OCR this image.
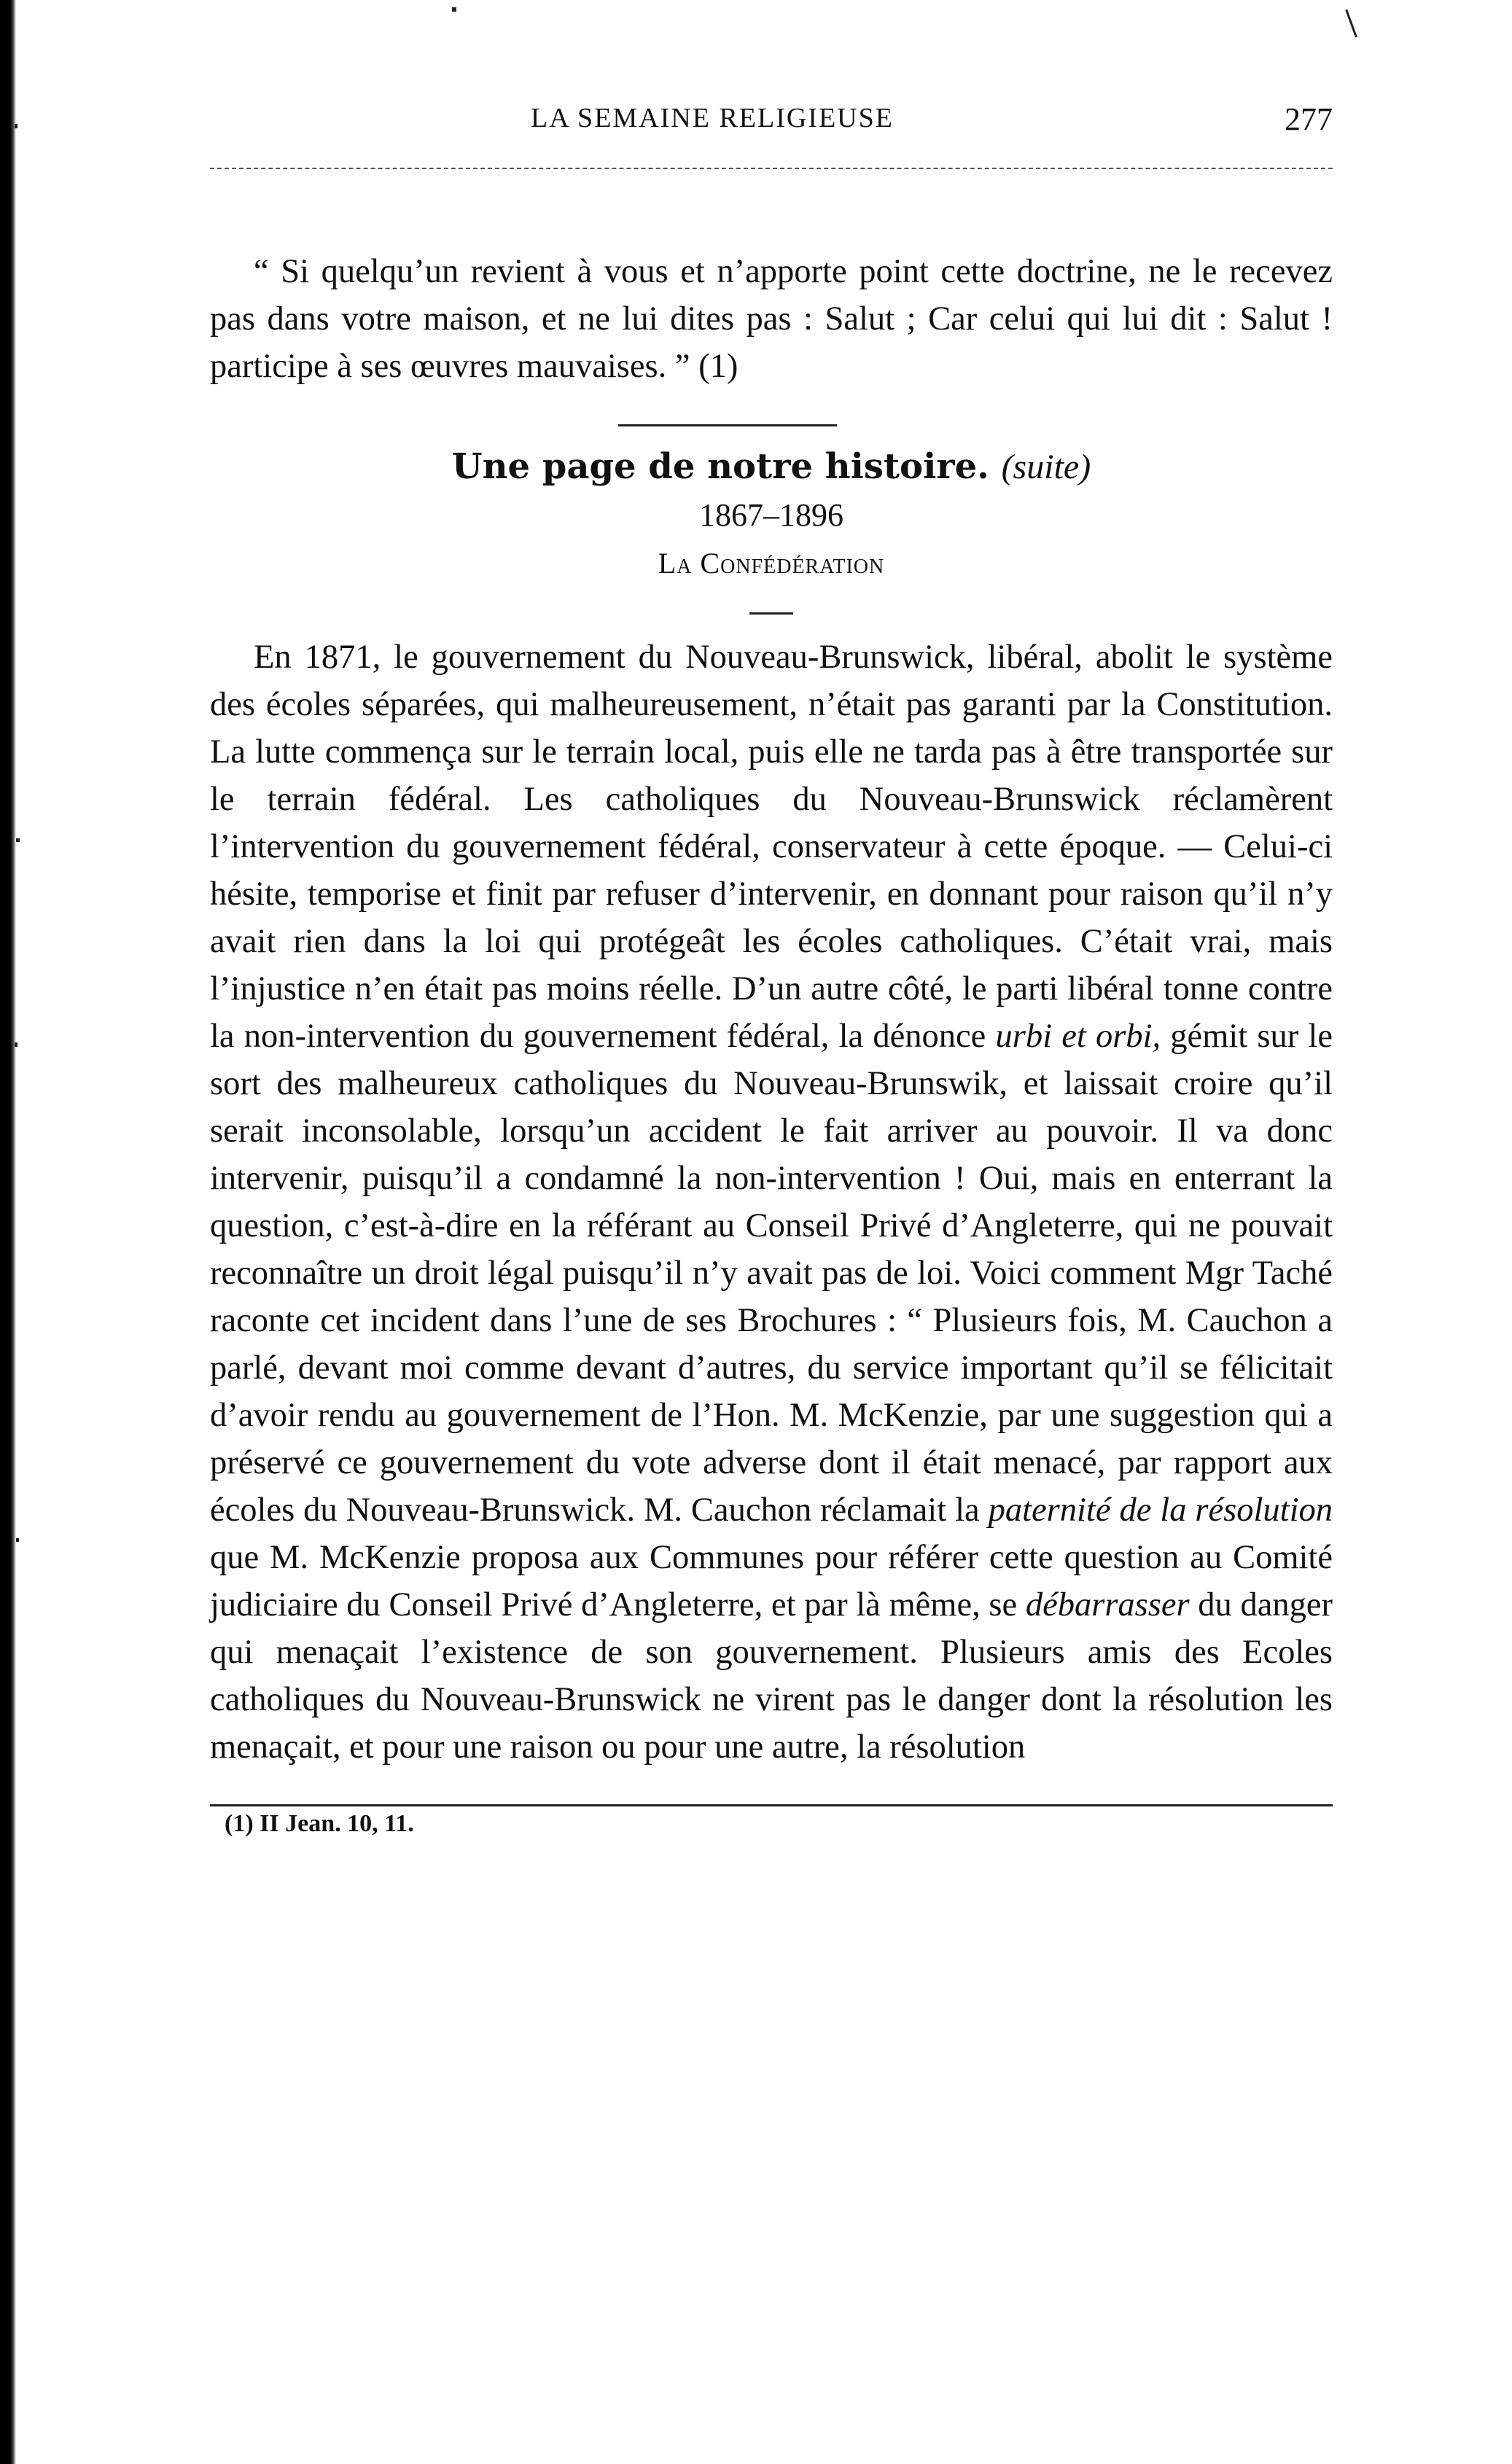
LA SEMAINE RELIGIEUSE	277

“ Si quelqu’un revient à vous et n’apporte point cette doctrine, ne le recevez pas dans votre maison, et ne lui dites pas : Salut ; Car celui qui lui dit : Salut ! participe à ses œuvres mauvaises. ” (1)

Une page de notre histoire. (suite)
1867–1896
La Confédération

En 1871, le gouvernement du Nouveau-Brunswick, libéral, abolit le système des écoles séparées, qui malheureusement, n’était pas garanti par la Constitution. La lutte commença sur le terrain local, puis elle ne tarda pas à être transportée sur le terrain fédéral. Les catholiques du Nouveau-Brunswick réclamèrent l’intervention du gouvernement fédéral, conservateur à cette époque. — Celui-ci hésite, temporise et finit par refuser d’intervenir, en donnant pour raison qu’il n’y avait rien dans la loi qui protégeât les écoles catholiques. C’était vrai, mais l’injustice n’en était pas moins réelle. D’un autre côté, le parti libéral tonne contre la non-intervention du gouvernement fédéral, la dénonce urbi et orbi, gémit sur le sort des malheureux catholiques du Nouveau-Brunswik, et laissait croire qu’il serait inconsolable, lorsqu’un accident le fait arriver au pouvoir. Il va donc intervenir, puisqu’il a condamné la non-intervention ! Oui, mais en enterrant la question, c’est-à-dire en la référant au Conseil Privé d’Angleterre, qui ne pouvait reconnaître un droit légal puisqu’il n’y avait pas de loi. Voici comment Mgr Taché raconte cet incident dans l’une de ses Brochures : “ Plusieurs fois, M. Cauchon a parlé, devant moi comme devant d’autres, du service important qu’il se félicitait d’avoir rendu au gouvernement de l’Hon. M. McKenzie, par une suggestion qui a préservé ce gouvernement du vote adverse dont il était menacé, par rapport aux écoles du Nouveau-Brunswick. M. Cauchon réclamait la paternité de la résolution que M. McKenzie proposa aux Communes pour référer cette question au Comité judiciaire du Conseil Privé d’Angleterre, et par là même, se débarrasser du danger qui menaçait l’existence de son gouvernement. Plusieurs amis des Ecoles catholiques du Nouveau-Brunswick ne virent pas le danger dont la résolution les menaçait, et pour une raison ou pour une autre, la résolution

(1) II Jean. 10, 11.
